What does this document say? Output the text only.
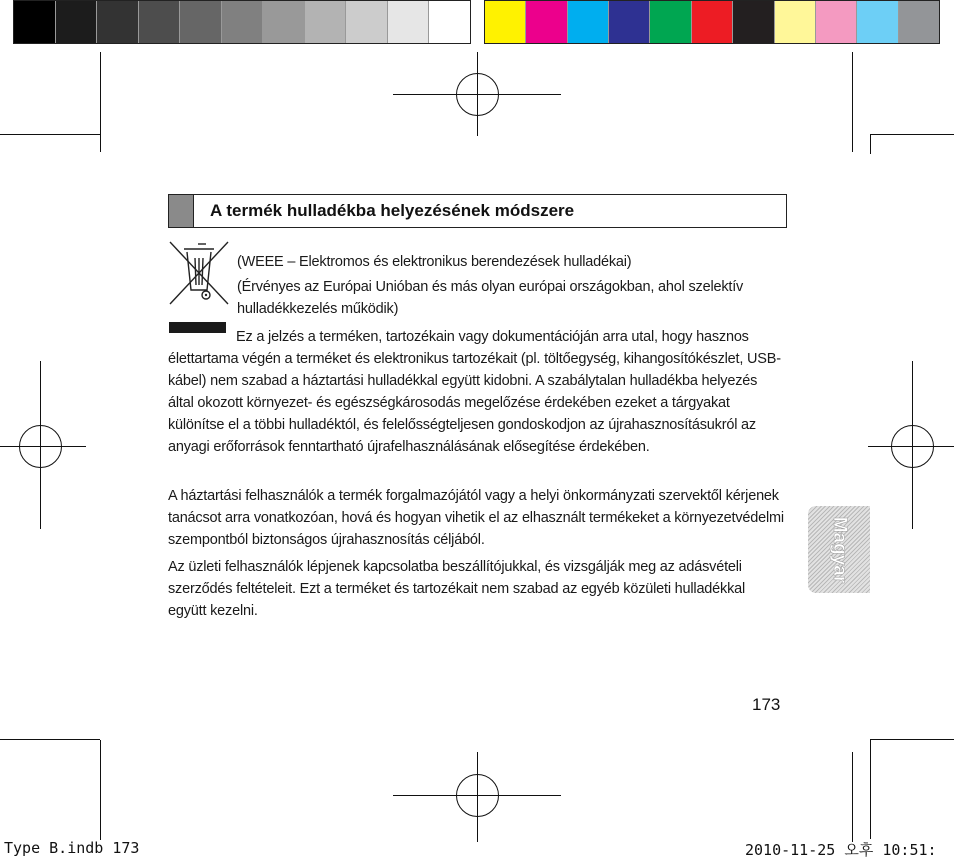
A termék hulladékba helyezésének módszere
(WEEE – Elektromos és elektronikus berendezések hulladékai)
(Érvényes az Európai Unióban és más olyan európai országokban, ahol szelektív hulladékkezelés működik)
Ez a jelzés a terméken, tartozékain vagy dokumentációján arra utal, hogy hasznos élettartama végén a terméket és elektronikus tartozékait (pl. töltőegység, kihangosítókészlet, USB-kábel) nem szabad a háztartási hulladékkal együtt kidobni. A szabálytalan hulladékba helyezés által okozott környezet- és egészségkárosodás megelőzése érdekében ezeket a tárgyakat különítse el a többi hulladéktól, és felelősségteljesen gondoskodjon az újrahasznosításukról az anyagi erőforrások fenntartható újrafelhasználásának elősegítése érdekében.
A háztartási felhasználók a termék forgalmazójától vagy a helyi önkormányzati szervektől kérjenek tanácsot arra vonatkozóan, hová és hogyan vihetik el az elhasznált termékeket a környezetvédelmi szempontból biztonságos újrahasznosítás céljából.
Az üzleti felhasználók lépjenek kapcsolatba beszállítójukkal, és vizsgálják meg az adásvételi szerződés feltételeit. Ezt a terméket és tartozékait nem szabad az egyéb közületi hulladékkal együtt kezelni.
Magyar
173
Type B.indb 173	2010-11-25 오후 10:51:
